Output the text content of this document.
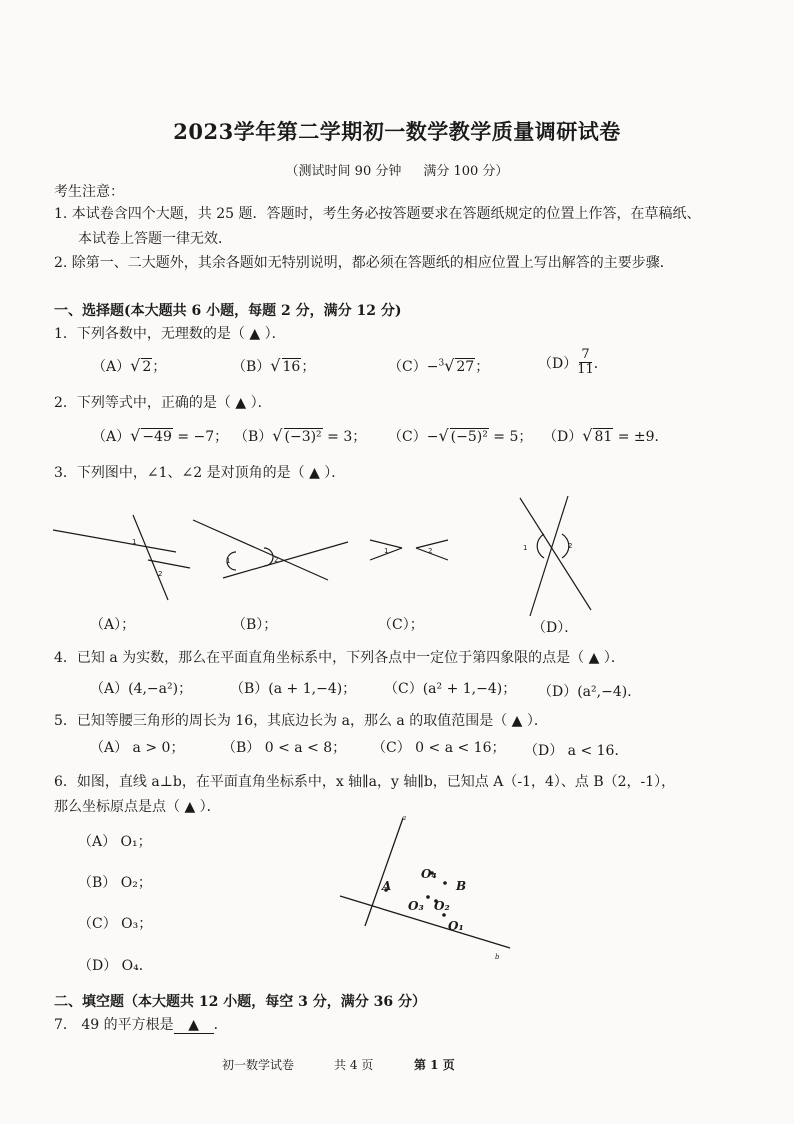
2023学年第二学期初一数学教学质量调研试卷
（测试时间 90 分钟 满分 100 分）
考生注意：
1. 本试卷含四个大题，共 25 题．答题时，考生务必按答题要求在答题纸规定的位置上作答，在草稿纸、
本试卷上答题一律无效．
2. 除第一、二大题外，其余各题如无特别说明，都必须在答题纸的相应位置上写出解答的主要步骤．
一、选择题(本大题共 6 小题，每题 2 分，满分 12 分)
1．下列各数中，无理数的是（ ▲ ）．
（A）√ 2；	（B）√ 16；	（C）−$^3$√ 27；	$(D) \frac{7}{11}$ ．
2．下列等式中，正确的是（ ▲ ）．
（A）√ −49 = −7； （B）√ (−3)² = 3； （C）−√ (−5)² = 5； （D）√ 81 = ±9．
3．下列图中，∠1、∠2 是对顶角的是（ ▲ ）．
1
2
1	2
1	2	1	2
（A）；	（B）；	（C）；	（D）．
4．已知 a 为实数，那么在平面直角坐标系中，下列各点中一定位于第四象限的点是（ ▲ ）．
（A）(4,−a²)；	（B）(a + 1,−4)； （C）(a² + 1,−4)； （D）(a²,−4)．
5．已知等腰三角形的周长为 16，其底边长为 a，那么 a 的取值范围是（ ▲ ）．
（A） a > 0；	（B） 0 < a < 8； （C） 0 < a < 16； （D） a < 16．
6．如图，直线 a⊥b，在平面直角坐标系中，x 轴∥a，y 轴∥b，已知点 A（-1，4）、点 B（2，-1），
那么坐标原点是点（ ▲ ）．
（A） O₁；
（B） O₂；
（C） O₃；
（D） O₄．
a
b
A
O₄
B
O₃ O₂
O₁
二、填空题（本大题共 12 小题，每空 3 分，满分 36 分）
7． 49 的平方根是 ▲ ．
初一数学试卷	共 4 页	第 1 页
